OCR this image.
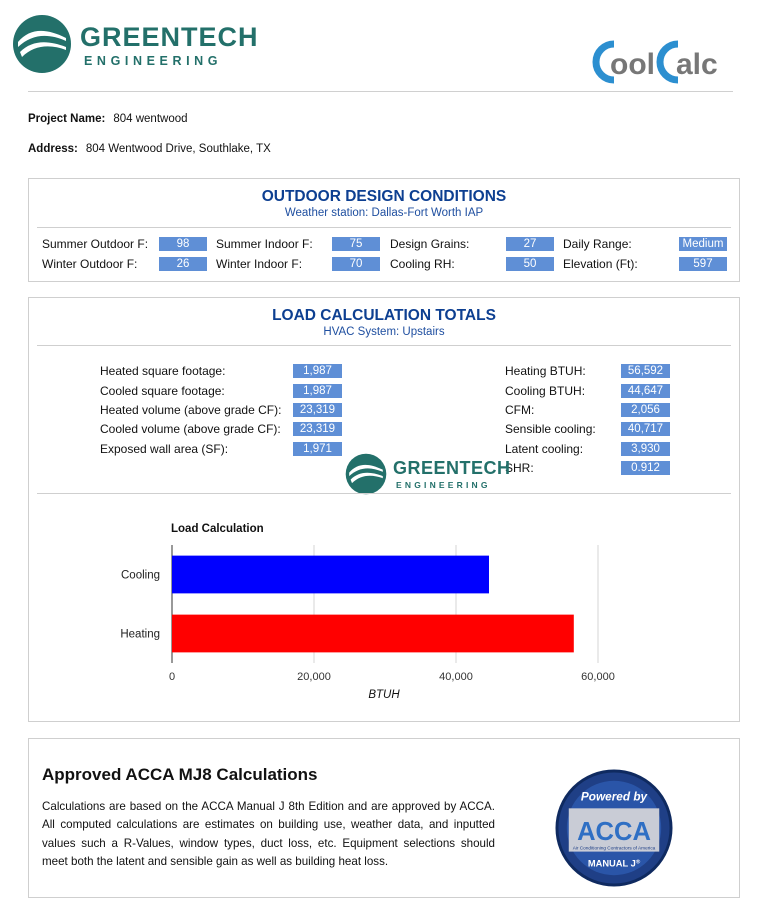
GREENTECH
ENGINEERING	ool alc
Project Name: 804 wentwood
Address: 804 Wentwood Drive, Southlake, TX
OUTDOOR DESIGN CONDITIONS
Weather station: Dallas-Fort Worth IAP
Summer Outdoor F:	98	Summer Indoor F:	75	Design Grains:	27	Daily Range:	Medium
Winter Outdoor F:	26	Winter Indoor F:	70	Cooling RH:	50	Elevation (Ft):	597
LOAD CALCULATION TOTALS
HVAC System: Upstairs
Heated square footage:	1,987
Cooled square footage:	1,987
Heated volume (above grade CF):	23,319
Cooled volume (above grade CF):	23,319
Exposed wall area (SF):	1,971
Heating BTUH:	56,592
Cooling BTUH:	44,647
CFM:	2,056
Sensible cooling:	40,717
Latent cooling:	3,930
SHR:	0.912
GREENTECH
ENGINEERING
Load Calculation
0	20,000	40,000	60,000
Cooling
Heating
BTUH
Approved ACCA MJ8 Calculations
Calculations are based on the ACCA Manual J 8th Edition and are approved by ACCA. All computed calculations are estimates on building use, weather data, and inputted values such a R-Values, window types, duct loss, etc. Equipment selections should meet both the latent and sensible gain as well as building heat loss.
Powered by
ACCA
Air Conditioning Contractors of America
MANUAL J®
